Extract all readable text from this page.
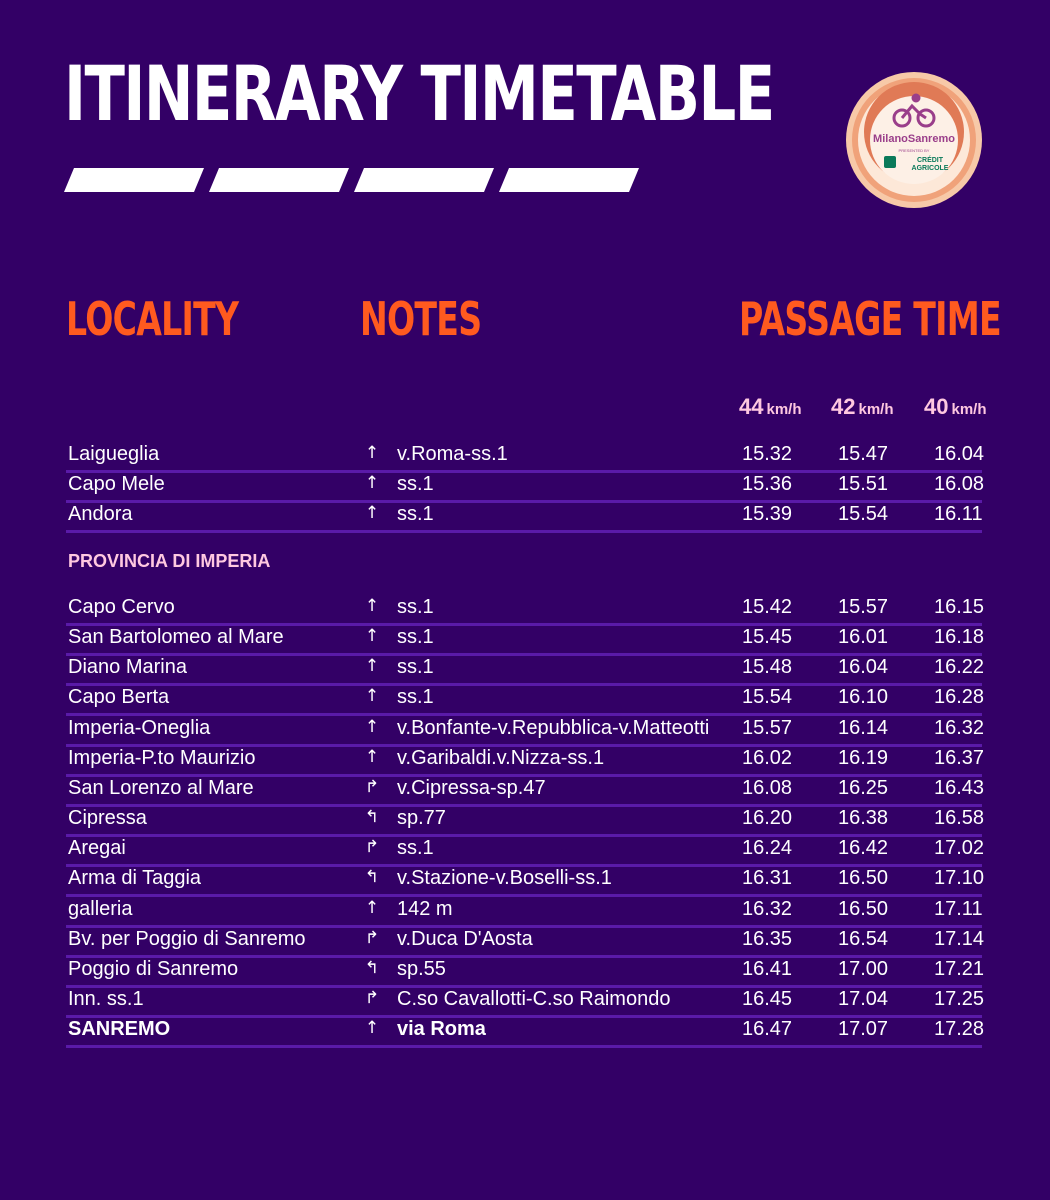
ITINERARY TIMETABLE
MilanoSanremo
PRESENTED BY
CRÉDIT
AGRICOLE
LOCALITY	NOTES	PASSAGE TIME
44 km/h 42 km/h 40 km/h
Laigueglia	↑ v.Roma-ss.1	15.32 15.47 16.04
Capo Mele	↑ ss.1	15.36 15.51 16.08
Andora	↑ ss.1	15.39 15.54 16.11
PROVINCIA DI IMPERIA
Capo Cervo	↑ ss.1	15.42 15.57 16.15
San Bartolomeo al Mare	↑ ss.1	15.45 16.01 16.18
Diano Marina	↑ ss.1	15.48 16.04 16.22
Capo Berta	↑ ss.1	15.54 16.10 16.28
Imperia-Oneglia	↑ v.Bonfante-v.Repubblica-v.Matteotti 15.57 16.14 16.32
Imperia-P.to Maurizio	↑ v.Garibaldi.v.Nizza-ss.1	16.02 16.19 16.37
San Lorenzo al Mare	↱ v.Cipressa-sp.47	16.08 16.25 16.43
Cipressa	↰ sp.77	16.20 16.38 16.58
Aregai	↱ ss.1	16.24 16.42 17.02
Arma di Taggia	↰ v.Stazione-v.Boselli-ss.1	16.31 16.50 17.10
galleria	↑ 142 m	16.32 16.50 17.11
Bv. per Poggio di Sanremo	↱ v.Duca D'Aosta	16.35 16.54 17.14
Poggio di Sanremo	↰ sp.55	16.41 17.00 17.21
Inn. ss.1	↱ C.so Cavallotti-C.so Raimondo	16.45 17.04 17.25
SANREMO	↑ via Roma	16.47 17.07 17.28
